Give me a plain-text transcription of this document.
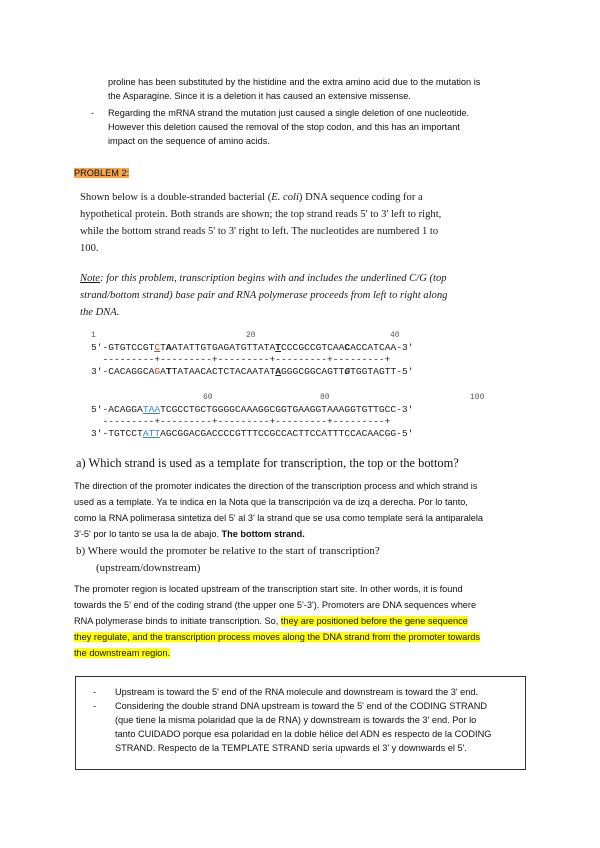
proline has been substituted by the histidine and the extra amino acid due to the mutation is
the Asparagine. Since it is a deletion it has caused an extensive missense.
- Regarding the mRNA strand the mutation just caused a single deletion of one nucleotide.
However this deletion caused the removal of the stop codon, and this has an important
impact on the sequence of amino acids.
PROBLEM 2:
Shown below is a double-stranded bacterial (E. coli) DNA sequence coding for a
hypothetical protein. Both strands are shown; the top strand reads 5' to 3' left to right,
while the bottom strand reads 5' to 3' right to left. The nucleotides are numbered 1 to
100.
Note: for this problem, transcription begins with and includes the underlined C/G (top
strand/bottom strand) base pair and RNA polymerase proceeds from left to right along
the DNA.
1	20	40
5'-GTGTCCGTCTAATATTGTGAGATGTTATATCCCGCCGTCAACACCATCAA-3'
---------+---------+---------+---------+---------+
3'-CACAGGCAGATTATAACACTCTACAATATAGGGCGGCAGTTGTGGTAGTT-5'
60	80	100
5'-ACAGGATAATCGCCTGCTGGGGCAAAGGCGGTGAAGGTAAAGGTGTTGCC-3'
---------+---------+---------+---------+---------+
3'-TGTCCTATTAGCGGACGACCCCGTTTCCGCCACTTCCATTTCCACAACGG-5'
a) Which strand is used as a template for transcription, the top or the bottom?
The direction of the promoter indicates the direction of the transcription process and which strand is
used as a template. Ya te indica en la Nota que la transcripción va de izq a derecha. Por lo tanto,
como la RNA polimerasa sintetiza del 5' al 3' la strand que se usa como template será la antiparalela
3'-5' por lo tanto se usa la de abajo. The bottom strand.
b) Where would the promoter be relative to the start of transcription?
(upstream/downstream)
The promoter region is located upstream of the transcription start site. In other words, it is found
towards the 5' end of the coding strand (the upper one 5'-3'). Promoters are DNA sequences where
RNA polymerase binds to initiate transcription. So, they are positioned before the gene sequence
they regulate, and the transcription process moves along the DNA strand from the promoter towards
the downstream region.
- Upstream is toward the 5' end of the RNA molecule and downstream is toward the 3' end.
- Considering the double strand DNA upstream is toward the 5' end of the CODING STRAND
(que tiene la misma polaridad que la de RNA) y downstream is towards the 3' end. Por lo
tanto CUIDADO porque esa polaridad en la doble hélice del ADN es respecto de la CODING
STRAND. Respecto de la TEMPLATE STRAND sería upwards el 3' y downwards el 5'.
